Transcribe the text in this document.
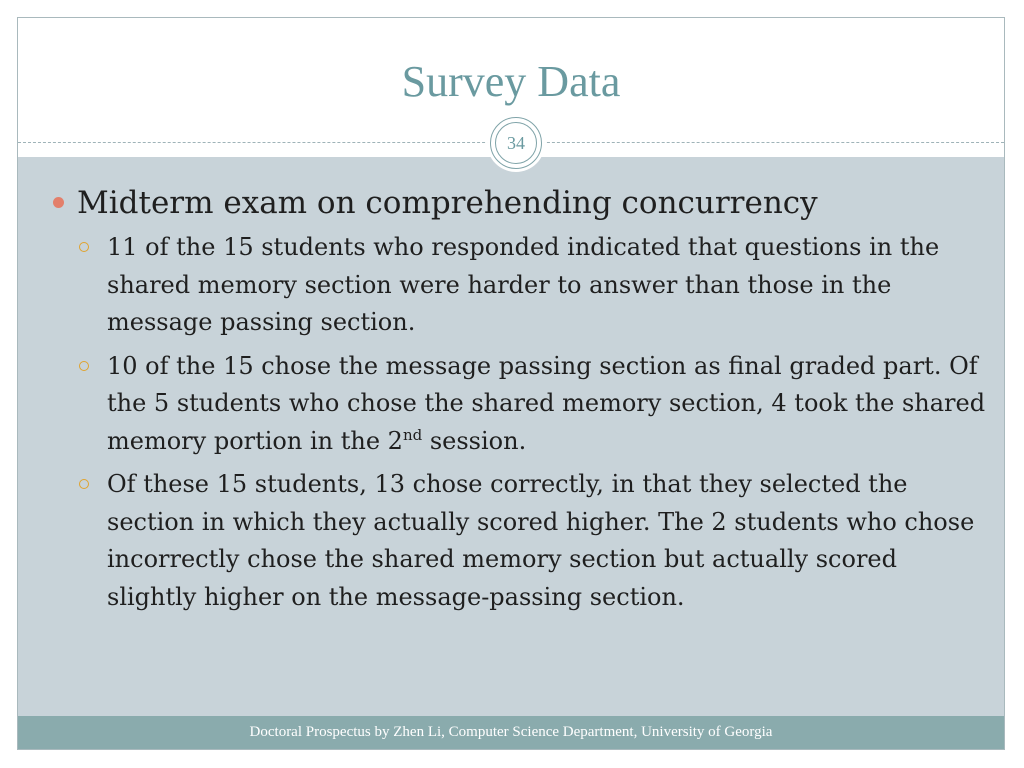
Survey Data
34
Midterm exam on comprehending concurrency
11 of the 15 students who responded indicated that questions in the shared memory section were harder to answer than those in the message passing section.
10 of the 15 chose the message passing section as final graded part. Of the 5 students who chose the shared memory section, 4 took the shared memory portion in the 2nd session.
Of these 15 students, 13 chose correctly, in that they selected the section in which they actually scored higher. The 2 students who chose incorrectly chose the shared memory section but actually scored slightly higher on the message-passing section.
Doctoral Prospectus by Zhen Li, Computer Science Department, University of Georgia
